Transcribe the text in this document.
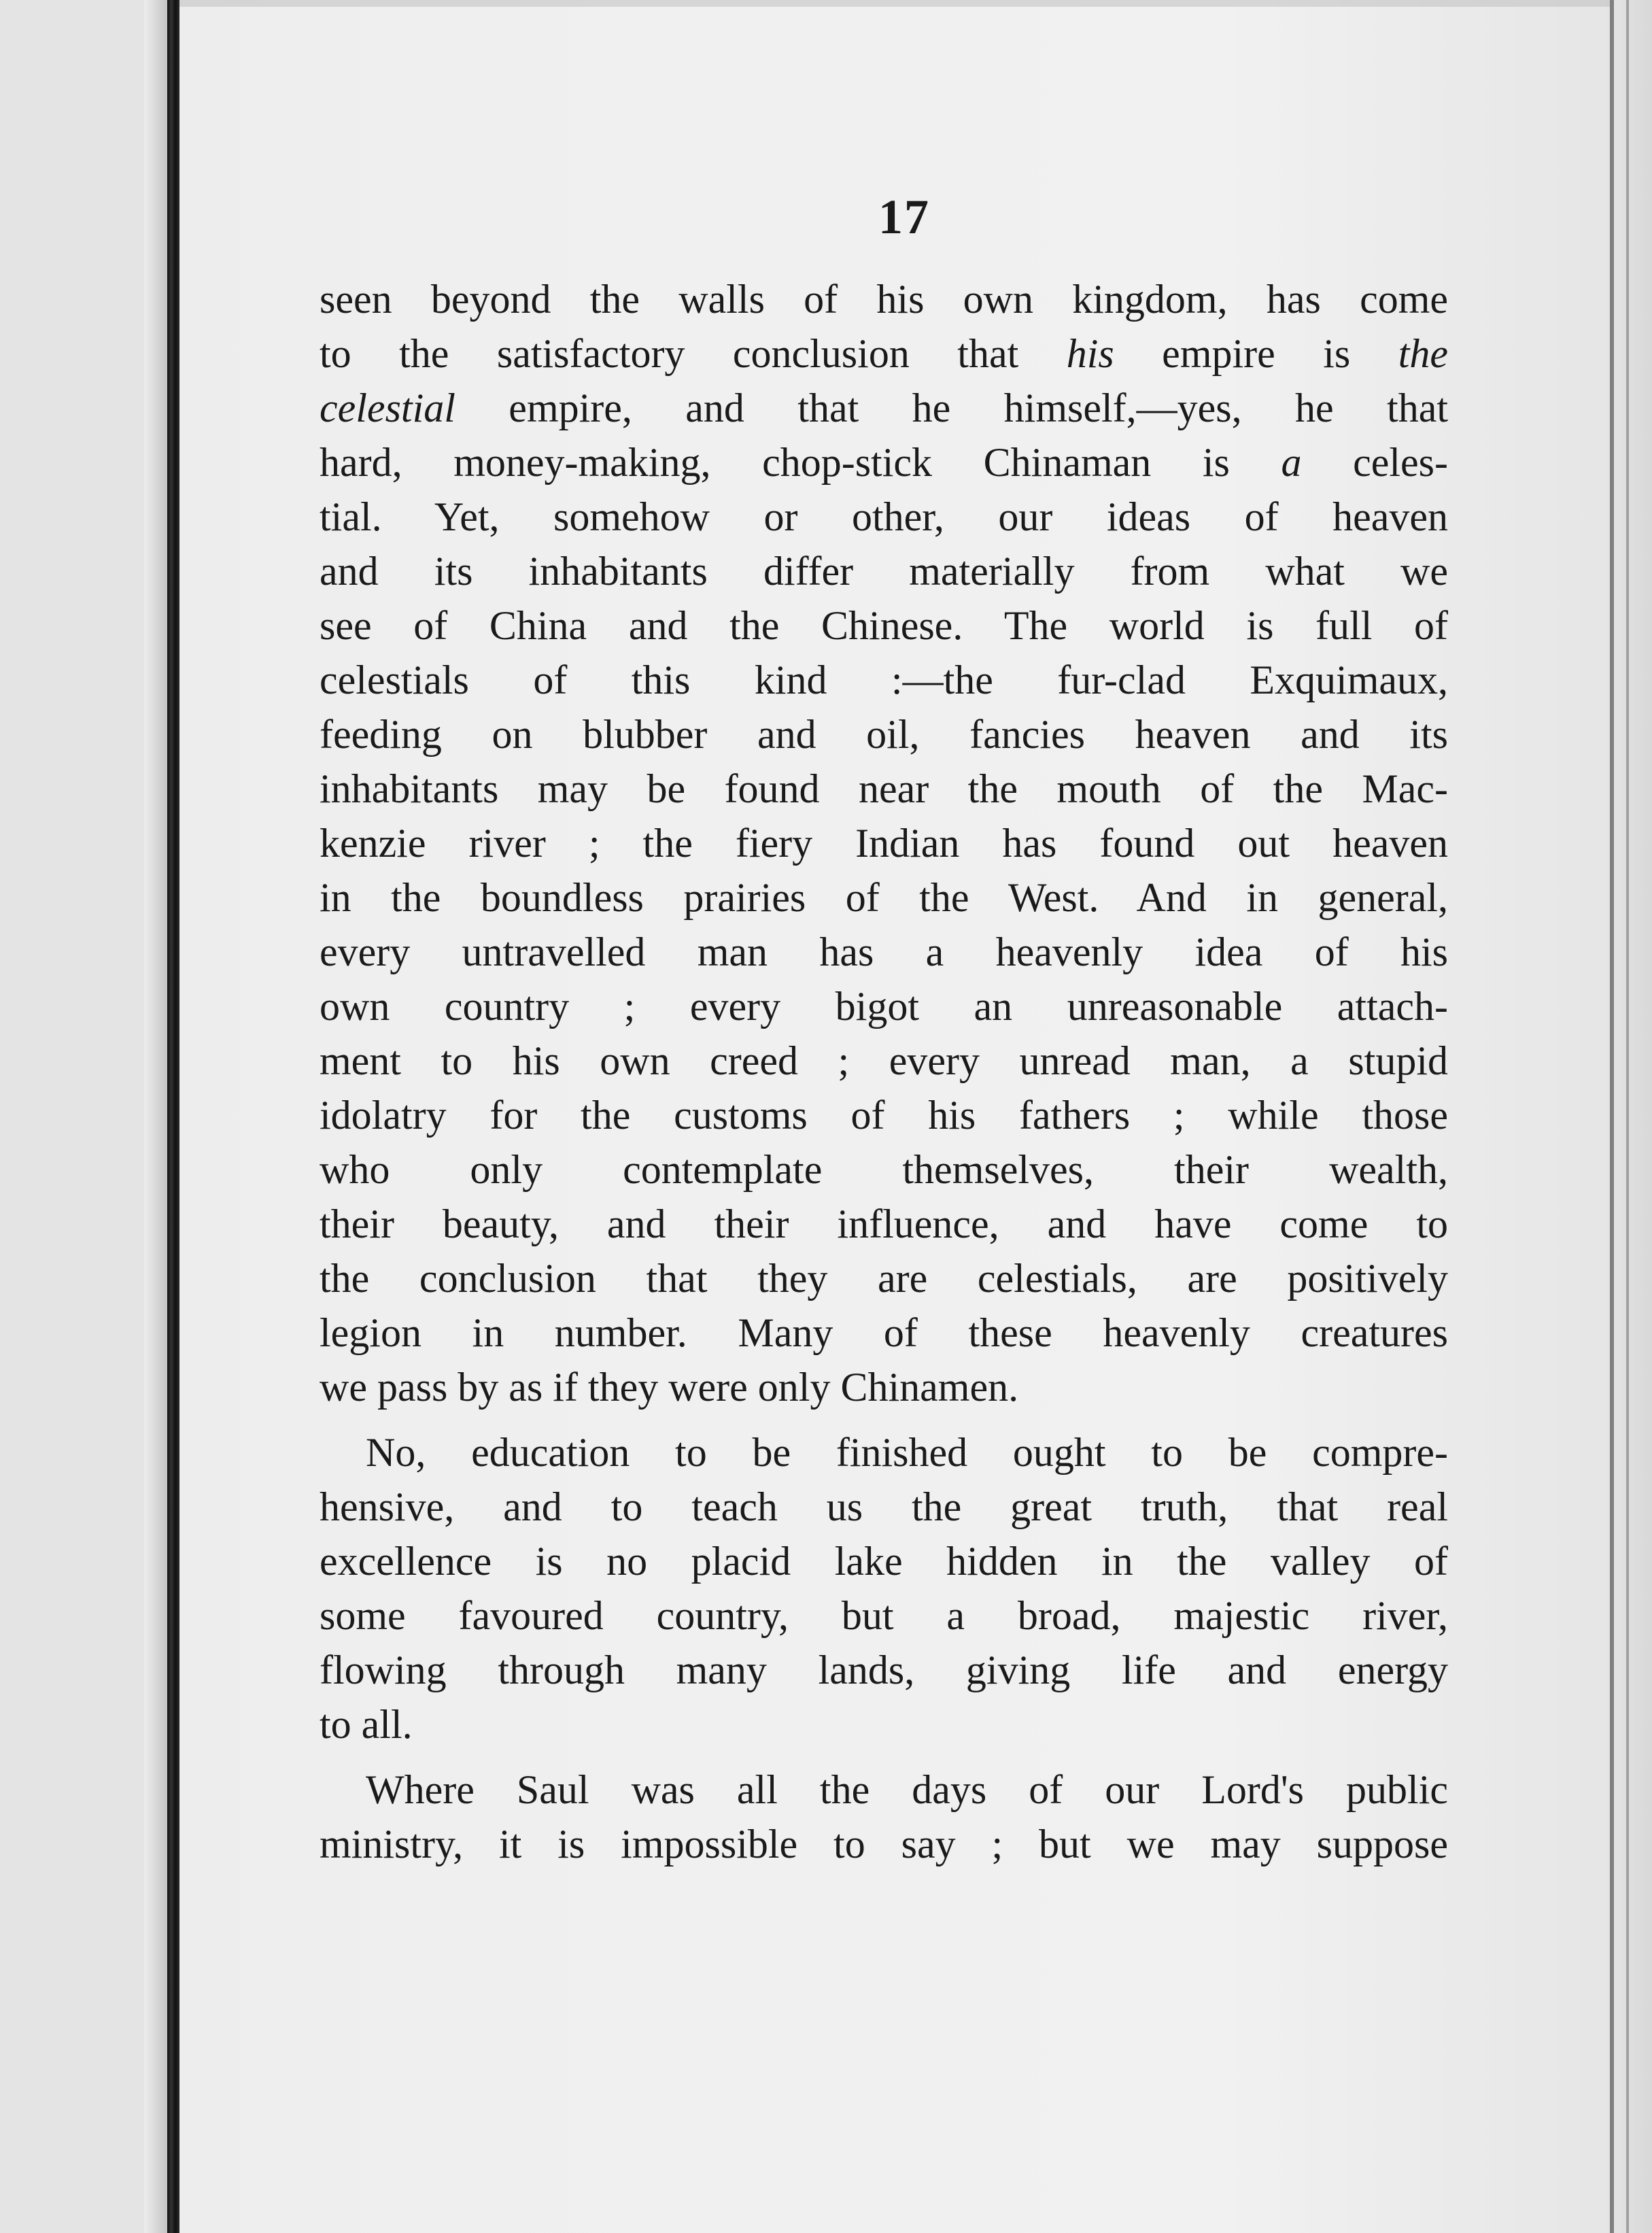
17
seen beyond the walls of his own kingdom, has come
to the satisfactory conclusion that his empire is the
celestial empire, and that he himself,—yes, he that
hard, money-making, chop-stick Chinaman is a celes-
tial. Yet, somehow or other, our ideas of heaven
and its inhabitants differ materially from what we
see of China and the Chinese. The world is full of
celestials of this kind :—the fur-clad Exquimaux,
feeding on blubber and oil, fancies heaven and its
inhabitants may be found near the mouth of the Mac-
kenzie river ; the fiery Indian has found out heaven
in the boundless prairies of the West. And in general,
every untravelled man has a heavenly idea of his
own country ; every bigot an unreasonable attach-
ment to his own creed ; every unread man, a stupid
idolatry for the customs of his fathers ; while those
who only contemplate themselves, their wealth,
their beauty, and their influence, and have come to
the conclusion that they are celestials, are positively
legion in number. Many of these heavenly creatures
we pass by as if they were only Chinamen.
No, education to be finished ought to be compre-
hensive, and to teach us the great truth, that real
excellence is no placid lake hidden in the valley of
some favoured country, but a broad, majestic river,
flowing through many lands, giving life and energy
to all.
Where Saul was all the days of our Lord's public
ministry, it is impossible to say ; but we may suppose
